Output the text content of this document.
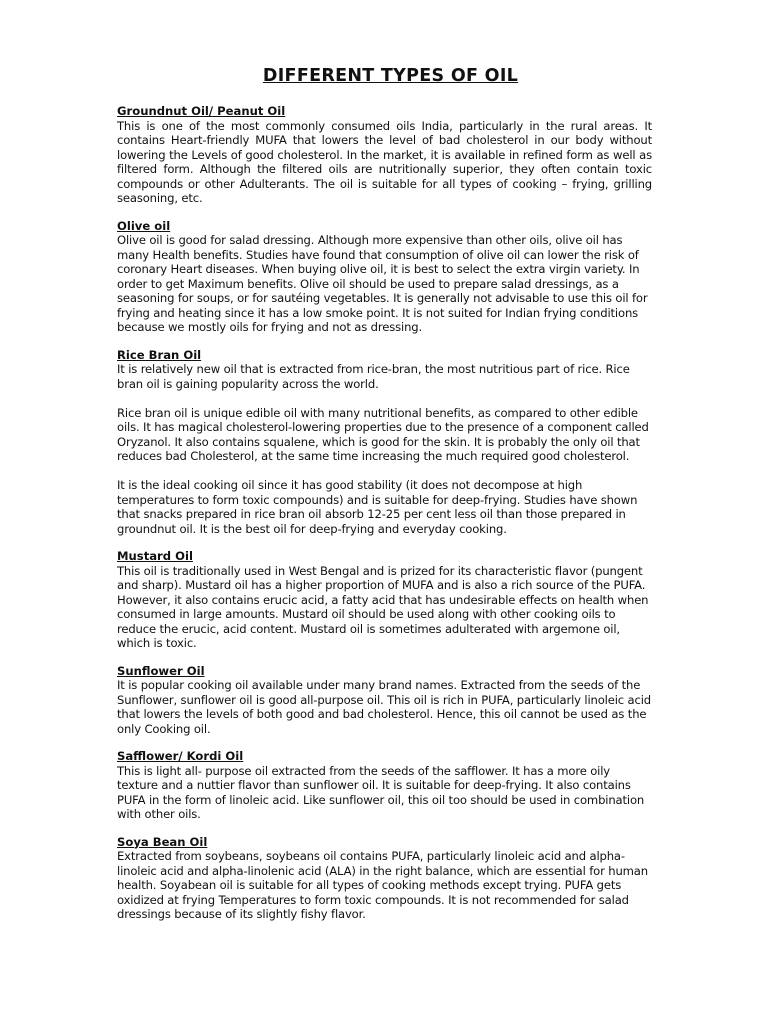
DIFFERENT TYPES OF OIL
Groundnut Oil/ Peanut Oil

This is one of the most commonly consumed oils India, particularly in the rural areas. It contains Heart-friendly MUFA that lowers the level of bad cholesterol in our body without lowering the Levels of good cholesterol. In the market, it is available in refined form as well as filtered form. Although the filtered oils are nutritionally superior, they often contain toxic compounds or other Adulterants. The oil is suitable for all types of cooking – frying, grilling seasoning, etc.

Olive oil

Olive oil is good for salad dressing. Although more expensive than other oils, olive oil has many Health benefits. Studies have found that consumption of olive oil can lower the risk of coronary Heart diseases. When buying olive oil, it is best to select the extra virgin variety. In order to get Maximum benefits. Olive oil should be used to prepare salad dressings, as a seasoning for soups, or for sautéing vegetables. It is generally not advisable to use this oil for frying and heating since it has a low smoke point. It is not suited for Indian frying conditions because we mostly oils for frying and not as dressing.

Rice Bran Oil

It is relatively new oil that is extracted from rice-bran, the most nutritious part of rice. Rice bran oil is gaining popularity across the world.

Rice bran oil is unique edible oil with many nutritional benefits, as compared to other edible oils. It has magical cholesterol-lowering properties due to the presence of a component called Oryzanol. It also contains squalene, which is good for the skin. It is probably the only oil that reduces bad Cholesterol, at the same time increasing the much required good cholesterol.

It is the ideal cooking oil since it has good stability (it does not decompose at high temperatures to form toxic compounds) and is suitable for deep-frying. Studies have shown that snacks prepared in rice bran oil absorb 12-25 per cent less oil than those prepared in groundnut oil. It is the best oil for deep-frying and everyday cooking.

Mustard Oil

This oil is traditionally used in West Bengal and is prized for its characteristic flavor (pungent and sharp). Mustard oil has a higher proportion of MUFA and is also a rich source of the PUFA. However, it also contains erucic acid, a fatty acid that has undesirable effects on health when consumed in large amounts. Mustard oil should be used along with other cooking oils to reduce the erucic, acid content. Mustard oil is sometimes adulterated with argemone oil, which is toxic.

Sunflower Oil

It is popular cooking oil available under many brand names. Extracted from the seeds of the Sunflower, sunflower oil is good all-purpose oil. This oil is rich in PUFA, particularly linoleic acid that lowers the levels of both good and bad cholesterol. Hence, this oil cannot be used as the only Cooking oil.

Safflower/ Kordi Oil

This is light all- purpose oil extracted from the seeds of the safflower. It has a more oily texture and a nuttier flavor than sunflower oil. It is suitable for deep-frying. It also contains PUFA in the form of linoleic acid. Like sunflower oil, this oil too should be used in combination with other oils.

Soya Bean Oil

Extracted from soybeans, soybeans oil contains PUFA, particularly linoleic acid and alpha-linoleic acid and alpha-linolenic acid (ALA) in the right balance, which are essential for human health. Soyabean oil is suitable for all types of cooking methods except trying. PUFA gets oxidized at frying Temperatures to form toxic compounds. It is not recommended for salad dressings because of its slightly fishy flavor.
